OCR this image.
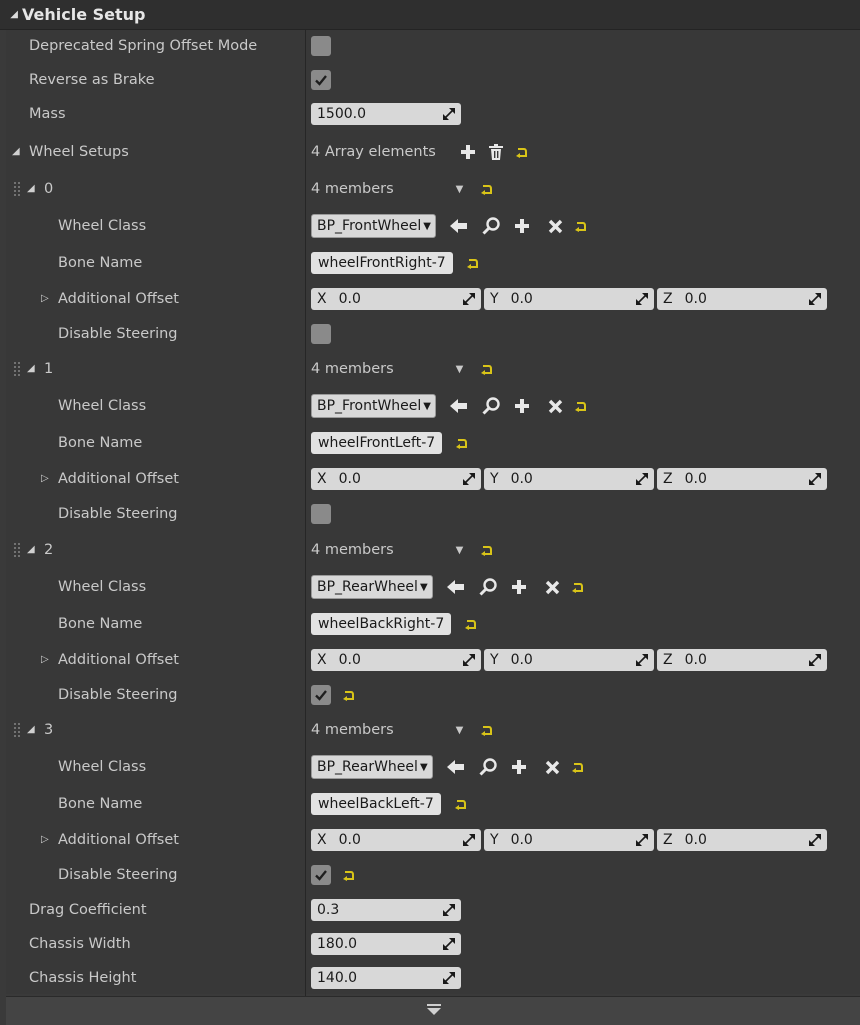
◢ Vehicle Setup
Deprecated Spring Offset Mode
Reverse as Brake
Mass	1500.0
◢ Wheel Setups	4 Array elements
◢ 0	4 members	▼
Wheel Class	BP_FrontWheel ▼
Bone Name	wheelFrontRight-7
▷ Additional Offset	X 0.0	Y 0.0	Z 0.0
Disable Steering
◢ 1	4 members	▼
Wheel Class	BP_FrontWheel ▼
Bone Name	wheelFrontLeft-7
▷ Additional Offset	X 0.0	Y 0.0	Z 0.0
Disable Steering
◢ 2	4 members	▼
Wheel Class	BP_RearWheel ▼
Bone Name	wheelBackRight-7
▷ Additional Offset	X 0.0	Y 0.0	Z 0.0
Disable Steering
◢ 3	4 members	▼
Wheel Class	BP_RearWheel ▼
Bone Name	wheelBackLeft-7
▷ Additional Offset	X 0.0	Y 0.0	Z 0.0
Disable Steering
Drag Coefficient	0.3
Chassis Width	180.0
Chassis Height	140.0
